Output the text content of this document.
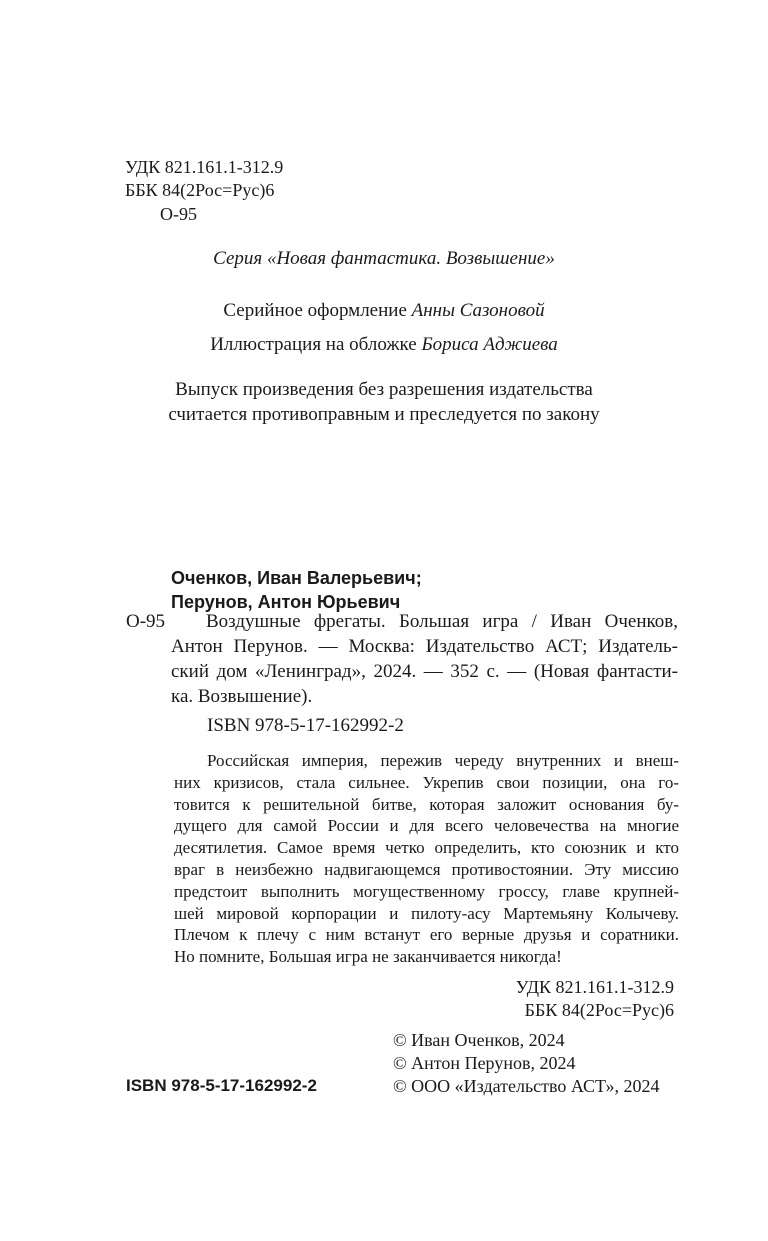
УДК 821.161.1-312.9
ББК 84(2Рос=Рус)6
О-95
Серия «Новая фантастика. Возвышение»
Серийное оформление Анны Сазоновой
Иллюстрация на обложке Бориса Аджиева
Выпуск произведения без разрешения издательства
считается противоправным и преследуется по закону
Оченков, Иван Валерьевич;
Перунов, Антон Юрьевич
О-95 Воздушные фрегаты. Большая игра / Иван Оченков,
Антон Перунов. — Москва: Издательство АСТ; Издатель-
ский дом «Ленинград», 2024. — 352 с. — (Новая фантасти-
ка. Возвышение).
ISBN 978-5-17-162992-2
Российская империя, пережив череду внутренних и внеш-
них кризисов, стала сильнее. Укрепив свои позиции, она го-
товится к решительной битве, которая заложит основания бу-
дущего для самой России и для всего человечества на многие
десятилетия. Самое время четко определить, кто союзник и кто
враг в неизбежно надвигающемся противостоянии. Эту миссию
предстоит выполнить могущественному гроссу, главе крупней-
шей мировой корпорации и пилоту-асу Мартемьяну Колычеву.
Плечом к плечу с ним встанут его верные друзья и соратники.
Но помните, Большая игра не заканчивается никогда!
УДК 821.161.1-312.9
ББК 84(2Рос=Рус)6
© Иван Оченков, 2024
© Антон Перунов, 2024
© ООО «Издательство АСТ», 2024
ISBN 978-5-17-162992-2
